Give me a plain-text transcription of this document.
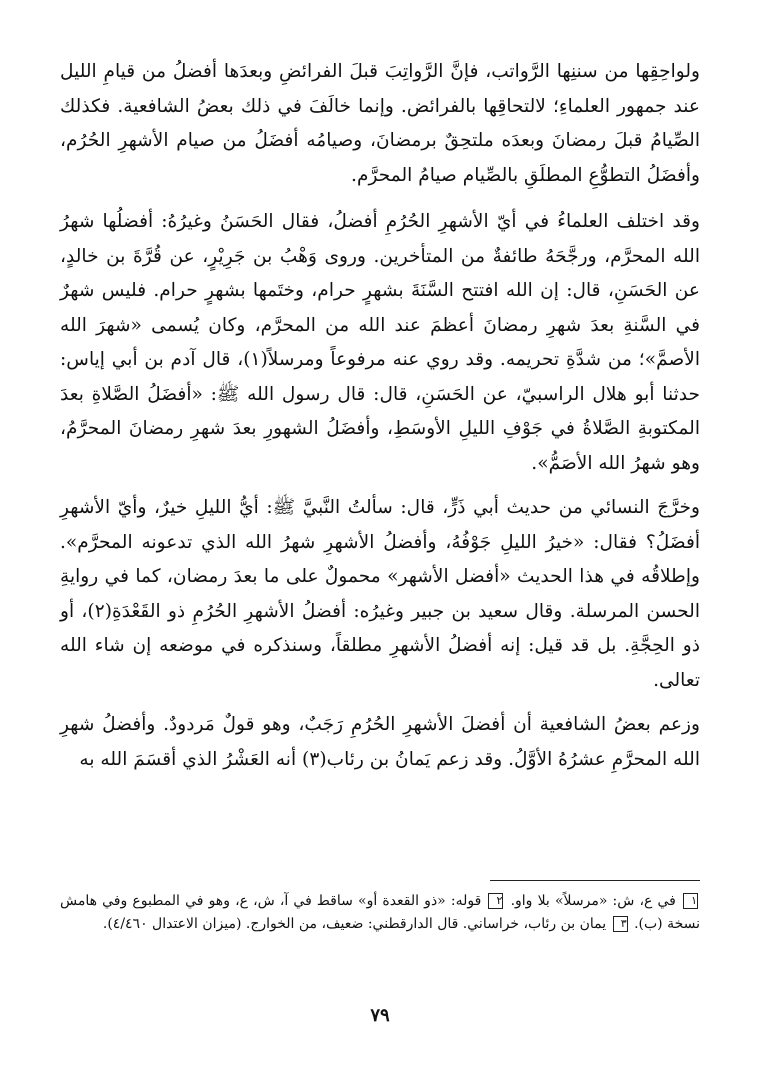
ولواحِقِها من سننِها الرَّواتب، فإنَّ الرَّواتِبَ قبلَ الفرائضِ وبعدَها أفضلُ من قيامِ الليل عند جمهور العلماءِ؛ لالتحاقِها بالفرائض. وإنما خالَفَ في ذلك بعضُ الشافعية. فكذلك الصِّيامُ قبلَ رمضانَ وبعدَه ملتحِقٌ برمضانَ، وصيامُه أفضَلُ من صيام الأشهرِ الحُرُم، وأفضَلُ التطوُّعِ المطلَقِ بالصِّيام صيامُ المحرَّم.

وقد اختلف العلماءُ في أيّ الأشهرِ الحُرُمِ أفضلُ، فقال الحَسَنُ وغيرُهُ: أفضلُها شهرُ الله المحرَّم، ورجَّحَهُ طائفةٌ من المتأخرين. وروى وَهْبُ بن جَرِيْرٍ، عن قُرَّةَ بن خالدٍ، عن الحَسَنِ، قال: إن الله افتتح السَّنَةَ بشهرٍ حرام، وختَمها بشهرٍ حرام. فليس شهرٌ في السَّنةِ بعدَ شهرِ رمضانَ أعظمَ عند الله من المحرَّم، وكان يُسمى «شهرَ الله الأصمَّ»؛ من شدَّةِ تحريمه. وقد روي عنه مرفوعاً ومرسلاً(١)، قال آدم بن أبي إياس: حدثنا أبو هلال الراسبيّ، عن الحَسَنِ، قال: قال رسول الله ﷺ: «أفضَلُ الصَّلاةِ بعدَ المكتوبةِ الصَّلاةُ في جَوْفِ الليلِ الأوسَطِ، وأفضَلُ الشهورِ بعدَ شهرِ رمضانَ المحرَّمُ، وهو شهرُ الله الأصَمُّ».

وخرَّجَ النسائي من حديث أبي ذَرٍّ، قال: سألتُ النَّبيَّ ﷺ: أيُّ الليلِ خيرٌ، وأيّ الأشهرِ أفضَلُ؟ فقال: «خيرُ الليلِ جَوْفُهُ، وأفضلُ الأشهرِ شهرُ الله الذي تدعونه المحرَّم». وإطلاقُه في هذا الحديث «أفضل الأشهر» محمولٌ على ما بعدَ رمضان، كما في روايةِ الحسن المرسلة. وقال سعيد بن جبير وغيرُه: أفضلُ الأشهرِ الحُرُمِ ذو القَعْدَةِ(٢)، أو ذو الحِجَّةِ. بل قد قيل: إنه أفضلُ الأشهرِ مطلقاً، وسنذكره في موضعه إن شاء الله تعالى.

وزعم بعضُ الشافعية أن أفضلَ الأشهرِ الحُرُمِ رَجَبٌ، وهو قولٌ مَردودٌ. وأفضلُ شهرِ الله المحرَّمِ عشرُهُ الأوَّلُ. وقد زعم يَمانُ بن رئاب(٣) أنه العَشْرُ الذي أقسَمَ الله به

١ في ع، ش: «مرسلاً» بلا واو. ٢ قوله: «ذو القعدة أو» ساقط في آ، ش، ع، وهو في المطبوع وفي هامش نسخة (ب). ٣ يمان بن رئاب، خراساني. قال الدارقطني: ضعيف، من الخوارج. (ميزان الاعتدال ٤/٤٦٠).

٧٩
